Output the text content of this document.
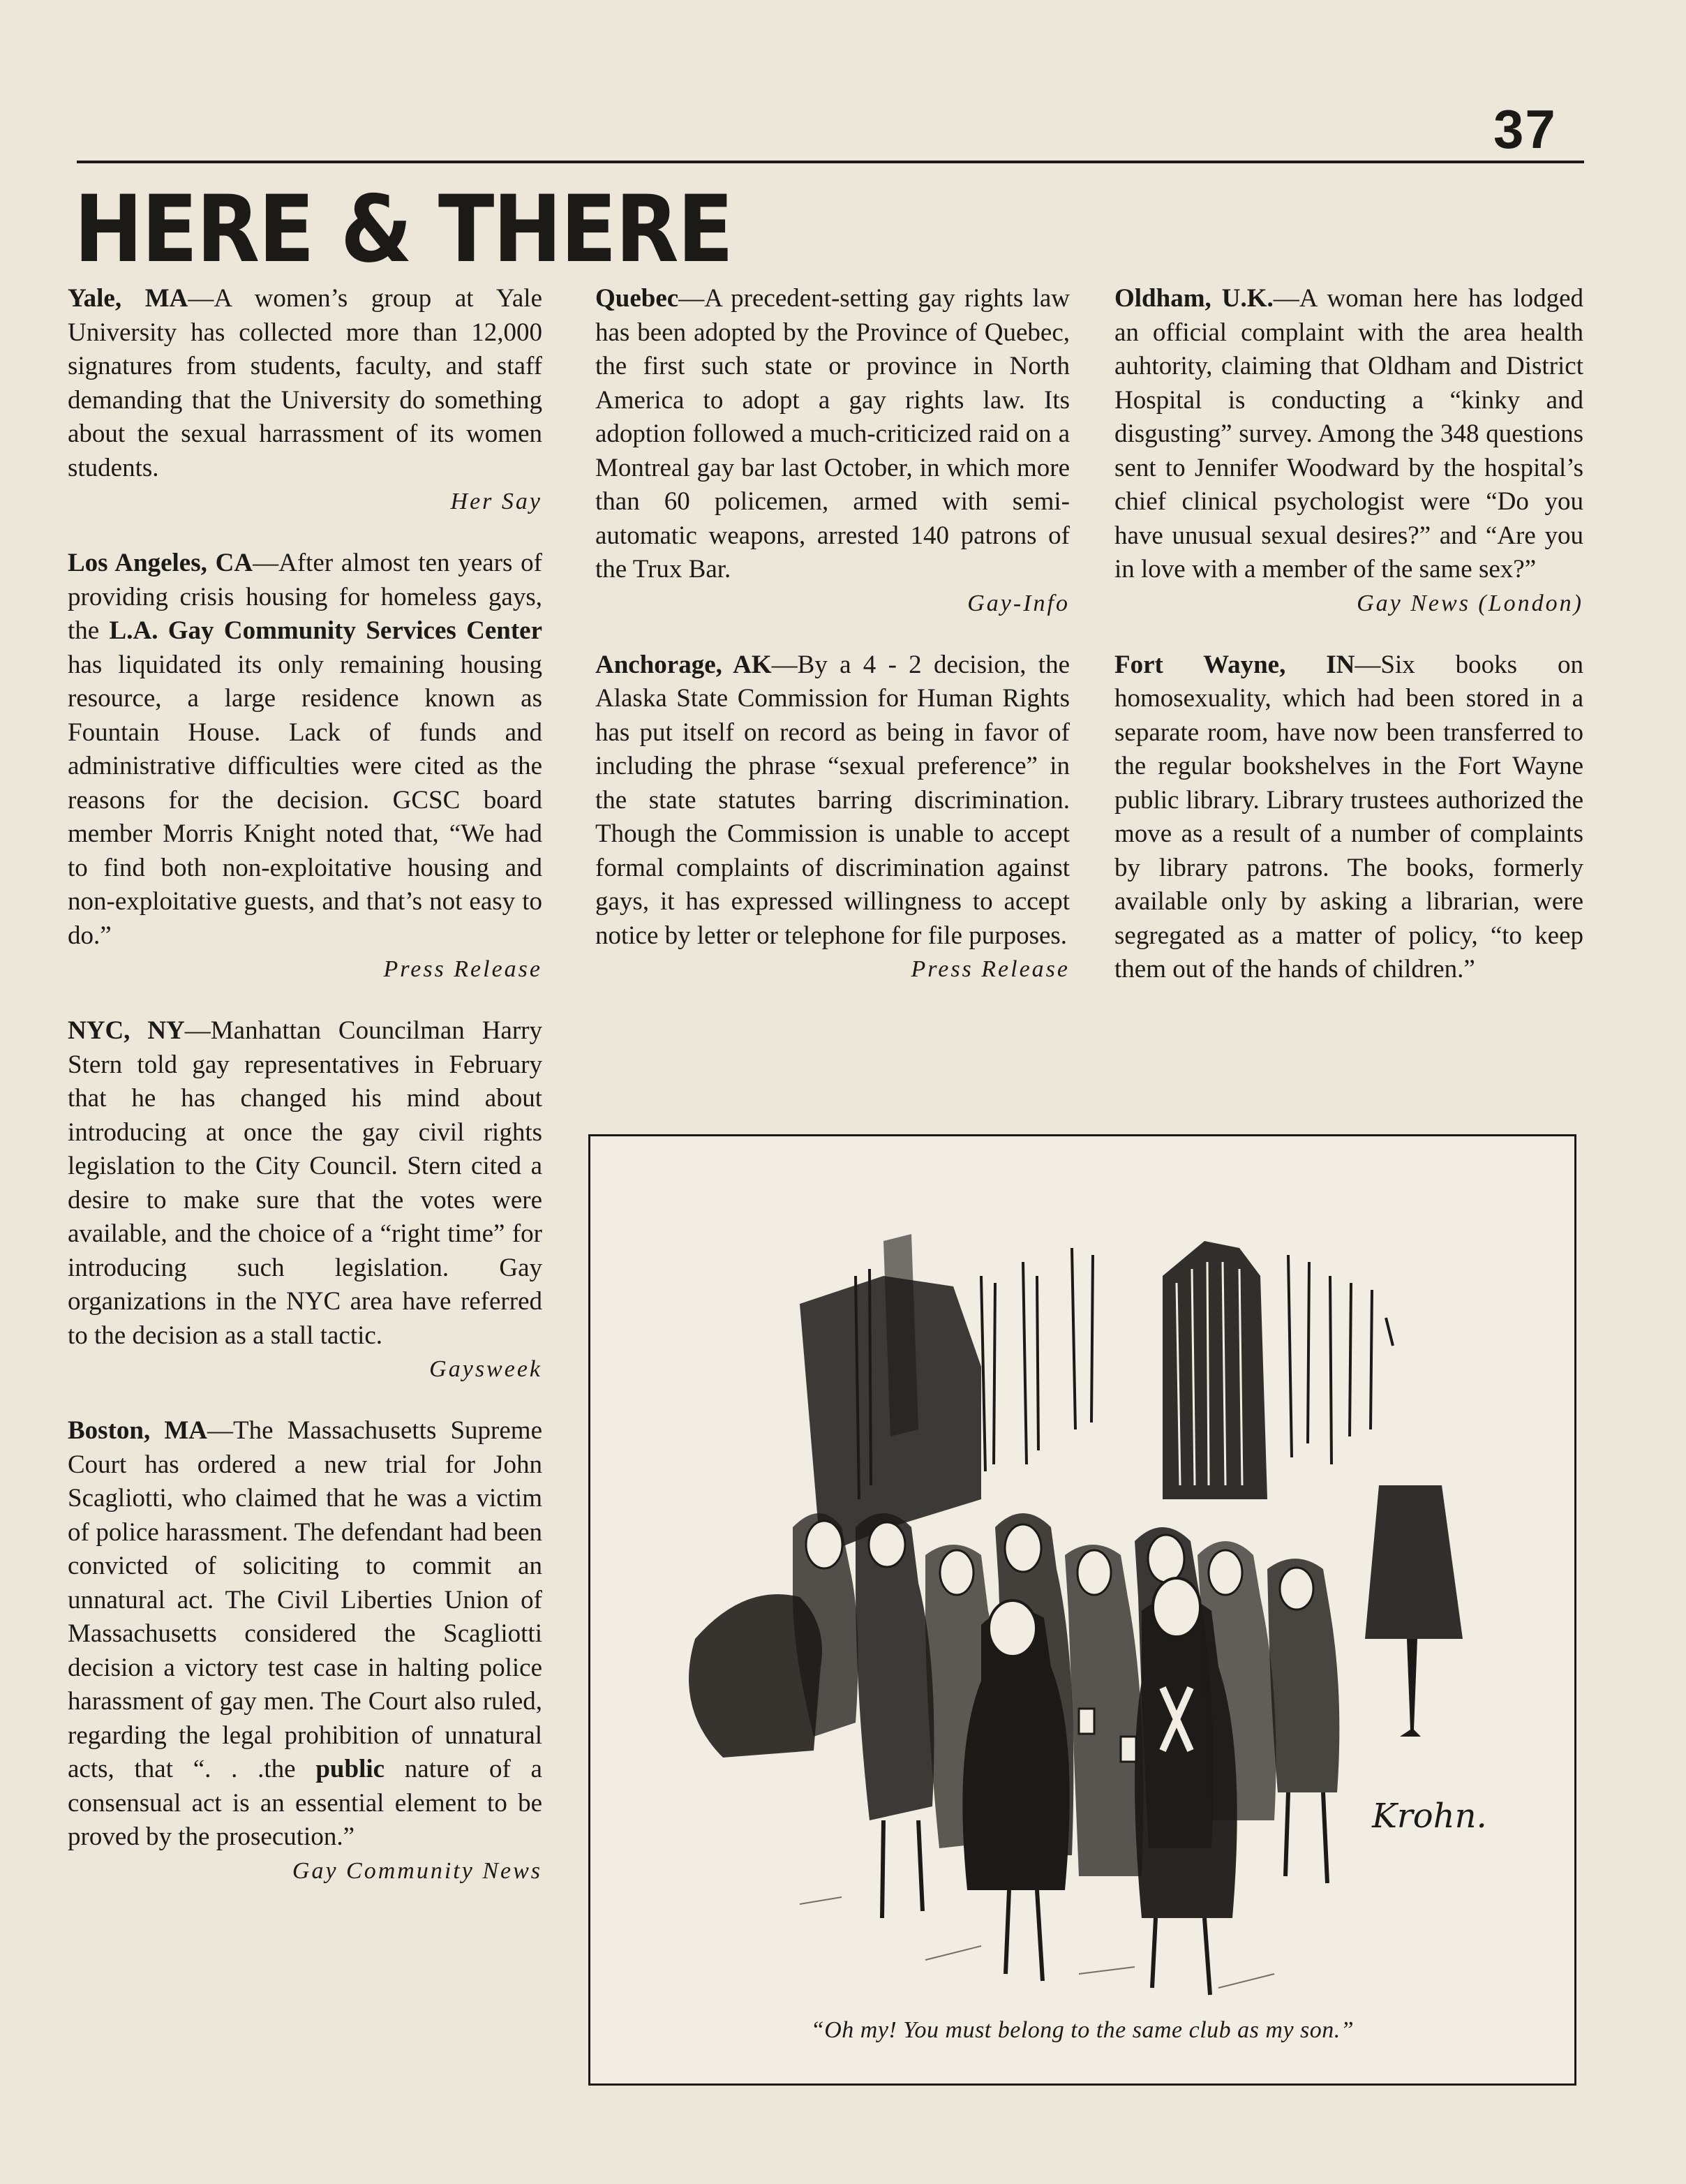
37
HERE & THERE

Yale, MA—A women’s group at Yale University has collected more than 12,000 signatures from students, faculty, and staff demanding that the University do something about the sexual harrassment of its women students.

Her Say

Los Angeles, CA—After almost ten years of providing crisis housing for homeless gays, the L.A. Gay Community Services Center has liquidated its only remaining housing resource, a large residence known as Fountain House. Lack of funds and administrative difficulties were cited as the reasons for the decision. GCSC board member Morris Knight noted that, “We had to find both non-exploitative housing and non-exploitative guests, and that’s not easy to do.”

Press Release

NYC, NY—Manhattan Councilman Harry Stern told gay representatives in February that he has changed his mind about introducing at once the gay civil rights legislation to the City Council. Stern cited a desire to make sure that the votes were available, and the choice of a “right time” for introducing such legislation. Gay organizations in the NYC area have referred to the decision as a stall tactic.

Gaysweek

Boston, MA—The Massachusetts Supreme Court has ordered a new trial for John Scagliotti, who claimed that he was a victim of police harassment. The defendant had been convicted of soliciting to commit an unnatural act. The Civil Liberties Union of Massachusetts considered the Scagliotti decision a victory test case in halting police harassment of gay men. The Court also ruled, regarding the legal prohibition of unnatural acts, that “. . .the public nature of a consensual act is an essential element to be proved by the prosecution.”

Gay Community News

Quebec—A precedent-setting gay rights law has been adopted by the Province of Quebec, the first such state or province in North America to adopt a gay rights law. Its adoption followed a much-criticized raid on a Montreal gay bar last October, in which more than 60 policemen, armed with semi-automatic weapons, arrested 140 patrons of the Trux Bar.

Gay-Info

Anchorage, AK—By a 4 - 2 decision, the Alaska State Commission for Human Rights has put itself on record as being in favor of including the phrase “sexual preference” in the state statutes barring discrimination. Though the Commission is unable to accept formal complaints of discrimination against gays, it has expressed willingness to accept notice by letter or telephone for file purposes.

Press Release

Oldham, U.K.—A woman here has lodged an official complaint with the area health auhtority, claiming that Oldham and District Hospital is conducting a “kinky and disgusting” survey. Among the 348 questions sent to Jennifer Woodward by the hospital’s chief clinical psychologist were “Do you have unusual sexual desires?” and “Are you in love with a member of the same sex?”

Gay News (London)

Fort Wayne, IN—Six books on homosexuality, which had been stored in a separate room, have now been transferred to the regular bookshelves in the Fort Wayne public library. Library trustees authorized the move as a result of a number of complaints by library patrons. The books, formerly available only by asking a librarian, were segregated as a matter of policy, “to keep them out of the hands of children.”

Krohn.
“Oh my! You must belong to the same club as my son.”
